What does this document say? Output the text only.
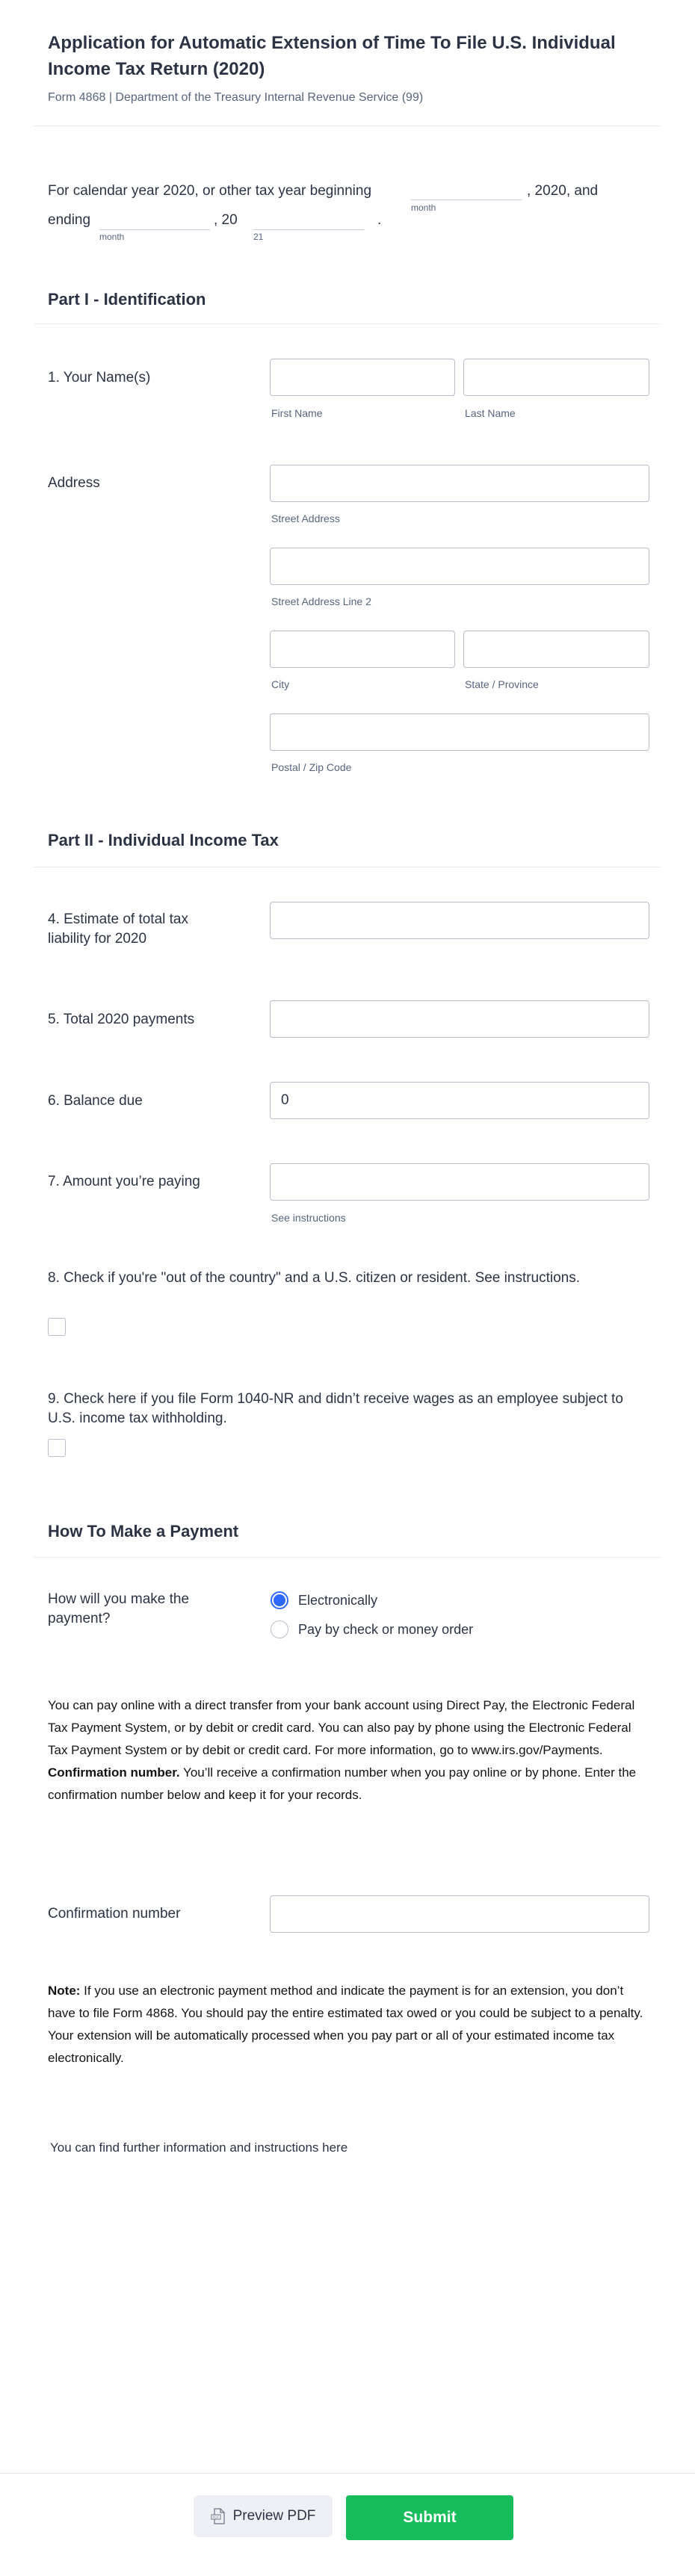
Application for Automatic Extension of Time To File U.S. Individual Income Tax Return (2020)
Form 4868 | Department of the Treasury Internal Revenue Service (99)
For calendar year 2020, or other tax year beginning
month
, 2020, and
ending
month
, 20
21
.
Part I - Identification
1. Your Name(s)
First Name	Last Name
Address
Street Address
Street Address Line 2
City	State / Province
Postal / Zip Code
Part II - Individual Income Tax
4. Estimate of total tax liability for 2020
5. Total 2020 payments
6. Balance due
0
7. Amount you’re paying
See instructions
8. Check if you're "out of the country" and a U.S. citizen or resident. See instructions.
9. Check here if you file Form 1040-NR and didn’t receive wages as an employee subject to U.S. income tax withholding.
How To Make a Payment
How will you make the payment?
Electronically
Pay by check or money order
You can pay online with a direct transfer from your bank account using Direct Pay, the Electronic Federal Tax Payment System, or by debit or credit card. You can also pay by phone using the Electronic Federal Tax Payment System or by debit or credit card. For more information, go to www.irs.gov/Payments. Confirmation number. You’ll receive a confirmation number when you pay online or by phone. Enter the confirmation number below and keep it for your records.
Confirmation number
Note: If you use an electronic payment method and indicate the payment is for an extension, you don’t have to file Form 4868. You should pay the entire estimated tax owed or you could be subject to a penalty. Your extension will be automatically processed when you pay part or all of your estimated income tax electronically.
You can find further information and instructions here
PDF Preview PDF	Submit
